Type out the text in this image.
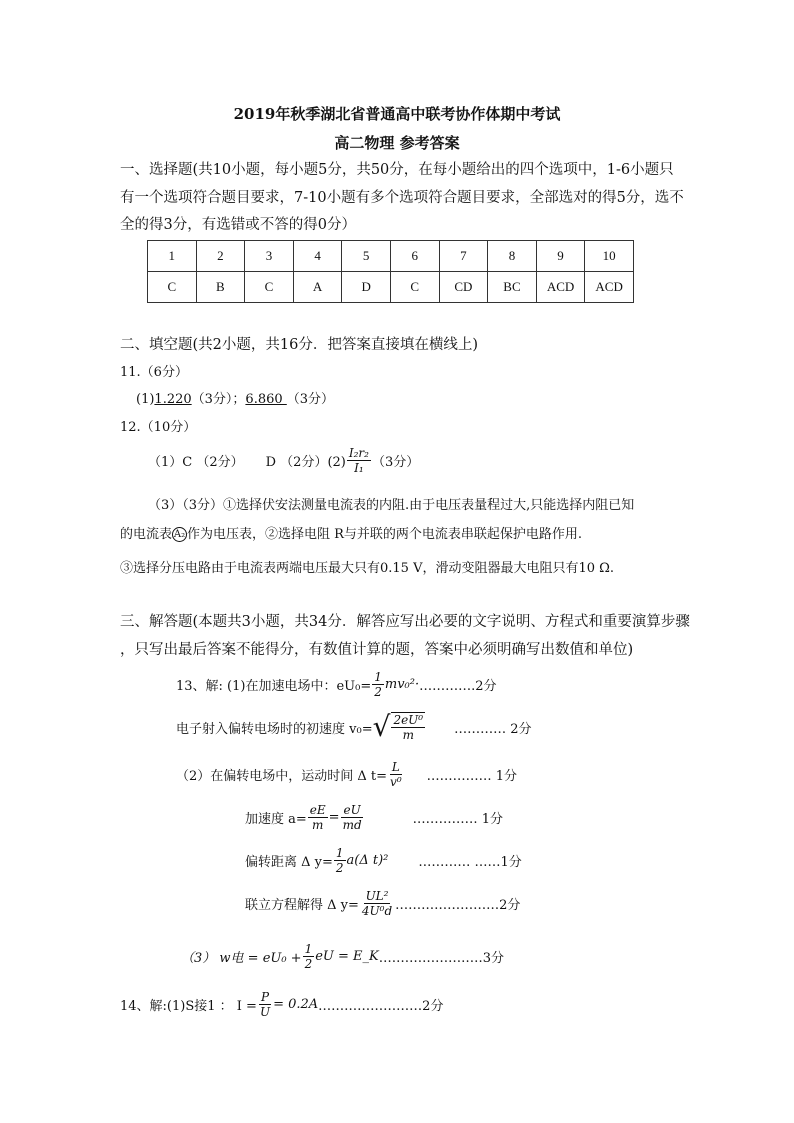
2019年秋季湖北省普通高中联考协作体期中考试
高二物理 参考答案
一、选择题(共10小题，每小题5分，共50分，在每小题给出的四个选项中，1-6小题只
有一个选项符合题目要求，7-10小题有多个选项符合题目要求，全部选对的得5分，选不
全的得3分，有选错或不答的得0分）
1	2	3	4	5	6	7	8	9	10
C	B	C	A	D	C	CD	BC	ACD	ACD
二、填空题(共2小题，共16分．把答案直接填在横线上)
11.（6分）
(1)1.220（3分）；6.860 （3分）
12.（10分）
（1）C （2分） D （2分）$(2) \frac{\text{I₂r₂}}{\text{I₁}} (3$分）
（3）（3分）①选择伏安法测量电流表的内阻.由于电压表量程过大,只能选择内阻已知
的电流表 A₂ 作为电压表，②选择电阻 R与并联的两个电流表串联起保护电路作用.
③选择分压电路由于电流表两端电压最大只有0.15 V，滑动变阻器最大电阻只有10 Ω.
三、解答题(本题共3小题，共34分．解答应写出必要的文字说明、方程式和重要演算步骤
，只写出最后答案不能得分，有数值计算的题，答案中必须明确写出数值和单位)
13、解: (1)在加速电场中：$eU_0= \frac{1}{2} mv_0^2\cdot$ ………….2分
电子射入偏转电场时的初速度 v₀= √ $\frac{\text{2eU⁰}}{m}$ ………… 2分
（2）在偏转电场中，运动时间 Δ $t= \frac{L}{\text{v⁰}}$ …………… 1分
加速度 $a= \frac{eE}{m} = \frac{eU}{md}$	…………… 1分
偏转距离 Δ $y= \frac{1}{2} a(\Delta$ t)² ………… ……1分
联立方程解得 Δ $y= \frac{\text{UL²}}{\text{4U⁰d}}$ ……………………2分
（3） w电 = $eU_0 + \frac{1}{2}$ eU = E_K ……………………3分
14、解:(1)S接1 ： $I = \frac{P}{U} = 0.2A$ ……………………2分
